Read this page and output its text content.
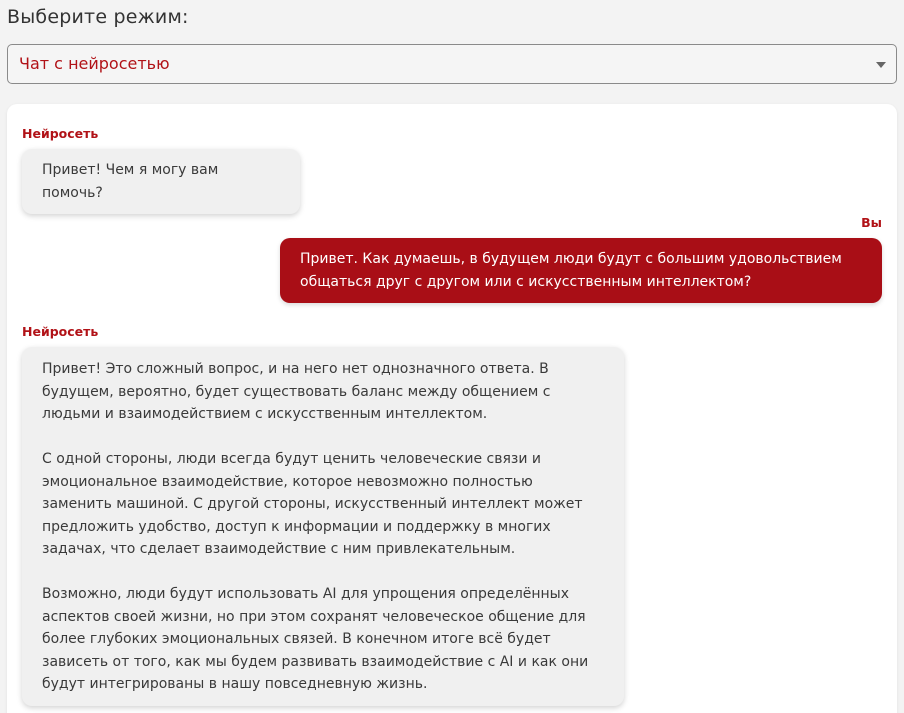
Выберите режим:
Чат с нейросетью
Нейросеть

Привет! Чем я могу вам помочь?

Вы

Привет. Как думаешь, в будущем люди будут с большим удовольствием общаться друг с другом или с искусственным интеллектом?

Нейросеть

Привет! Это сложный вопрос, и на него нет однозначного ответа. В будущем, вероятно, будет существовать баланс между общением с людьми и взаимодействием с искусственным интеллектом.

С одной стороны, люди всегда будут ценить человеческие связи и эмоциональное взаимодействие, которое невозможно полностью заменить машиной. С другой стороны, искусственный интеллект может предложить удобство, доступ к информации и поддержку в многих задачах, что сделает взаимодействие с ним привлекательным.

Возможно, люди будут использовать AI для упрощения определённых аспектов своей жизни, но при этом сохранят человеческое общение для более глубоких эмоциональных связей. В конечном итоге всё будет зависеть от того, как мы будем развивать взаимодействие с AI и как они будут интегрированы в нашу повседневную жизнь.
